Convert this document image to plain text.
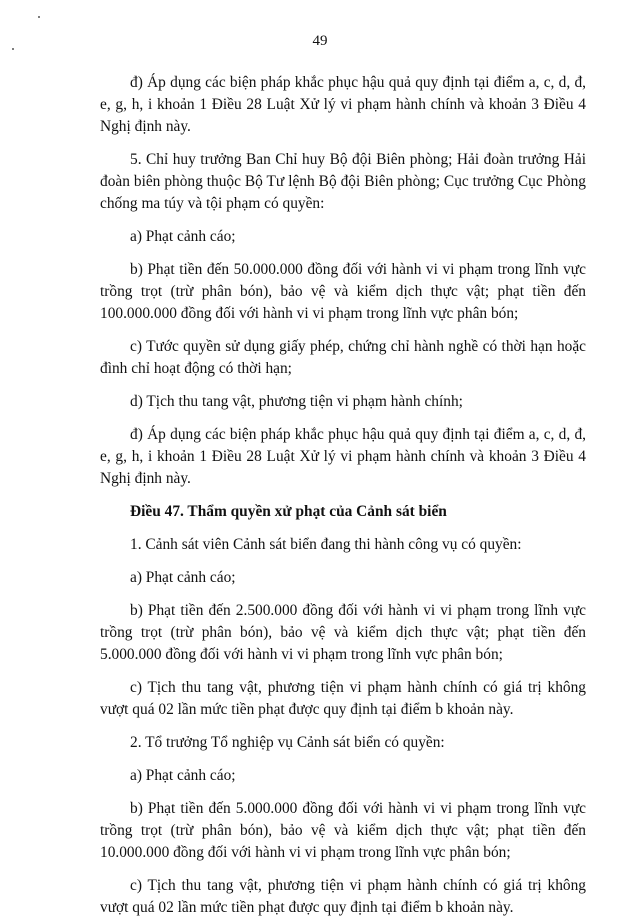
49

đ) Áp dụng các biện pháp khắc phục hậu quả quy định tại điểm a, c, d, đ, e, g, h, i khoản 1 Điều 28 Luật Xử lý vi phạm hành chính và khoản 3 Điều 4 Nghị định này.

5. Chỉ huy trưởng Ban Chỉ huy Bộ đội Biên phòng; Hải đoàn trưởng Hải đoàn biên phòng thuộc Bộ Tư lệnh Bộ đội Biên phòng; Cục trưởng Cục Phòng chống ma túy và tội phạm có quyền:

a) Phạt cảnh cáo;

b) Phạt tiền đến 50.000.000 đồng đối với hành vi vi phạm trong lĩnh vực trồng trọt (trừ phân bón), bảo vệ và kiểm dịch thực vật; phạt tiền đến 100.000.000 đồng đối với hành vi vi phạm trong lĩnh vực phân bón;

c) Tước quyền sử dụng giấy phép, chứng chỉ hành nghề có thời hạn hoặc đình chỉ hoạt động có thời hạn;

d) Tịch thu tang vật, phương tiện vi phạm hành chính;

đ) Áp dụng các biện pháp khắc phục hậu quả quy định tại điểm a, c, d, đ, e, g, h, i khoản 1 Điều 28 Luật Xử lý vi phạm hành chính và khoản 3 Điều 4 Nghị định này.

Điều 47. Thẩm quyền xử phạt của Cảnh sát biển

1. Cảnh sát viên Cảnh sát biển đang thi hành công vụ có quyền:

a) Phạt cảnh cáo;

b) Phạt tiền đến 2.500.000 đồng đối với hành vi vi phạm trong lĩnh vực trồng trọt (trừ phân bón), bảo vệ và kiểm dịch thực vật; phạt tiền đến 5.000.000 đồng đối với hành vi vi phạm trong lĩnh vực phân bón;

c) Tịch thu tang vật, phương tiện vi phạm hành chính có giá trị không vượt quá 02 lần mức tiền phạt được quy định tại điểm b khoản này.

2. Tổ trưởng Tổ nghiệp vụ Cảnh sát biển có quyền:

a) Phạt cảnh cáo;

b) Phạt tiền đến 5.000.000 đồng đối với hành vi vi phạm trong lĩnh vực trồng trọt (trừ phân bón), bảo vệ và kiểm dịch thực vật; phạt tiền đến 10.000.000 đồng đối với hành vi vi phạm trong lĩnh vực phân bón;

c) Tịch thu tang vật, phương tiện vi phạm hành chính có giá trị không vượt quá 02 lần mức tiền phạt được quy định tại điểm b khoản này.
